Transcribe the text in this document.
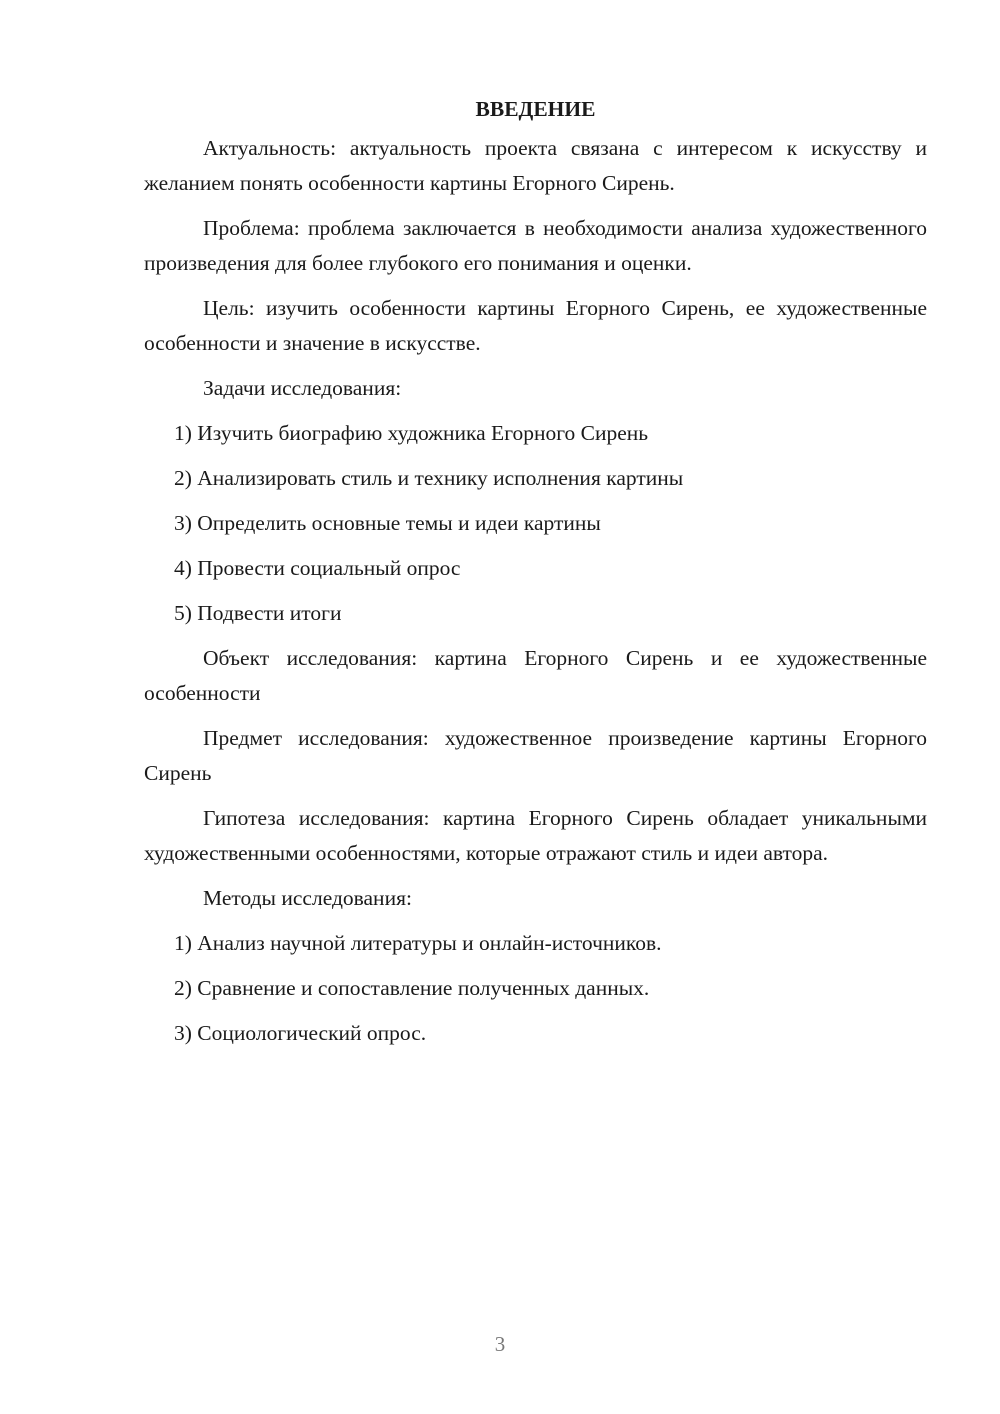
ВВЕДЕНИЕ

Актуальность: актуальность проекта связана с интересом к искусству и желанием понять особенности картины Егорного Сирень.

Проблема: проблема заключается в необходимости анализа художественного произведения для более глубокого его понимания и оценки.

Цель: изучить особенности картины Егорного Сирень, ее художественные особенности и значение в искусстве.

Задачи исследования:

1) Изучить биографию художника Егорного Сирень

2) Анализировать стиль и технику исполнения картины

3) Определить основные темы и идеи картины

4) Провести социальный опрос

5) Подвести итоги

Объект исследования: картина Егорного Сирень и ее художественные особенности

Предмет исследования: художественное произведение картины Егорного Сирень

Гипотеза исследования: картина Егорного Сирень обладает уникальными художественными особенностями, которые отражают стиль и идеи автора.

Методы исследования:

1) Анализ научной литературы и онлайн-источников.

2) Сравнение и сопоставление полученных данных.

3) Социологический опрос.

3
